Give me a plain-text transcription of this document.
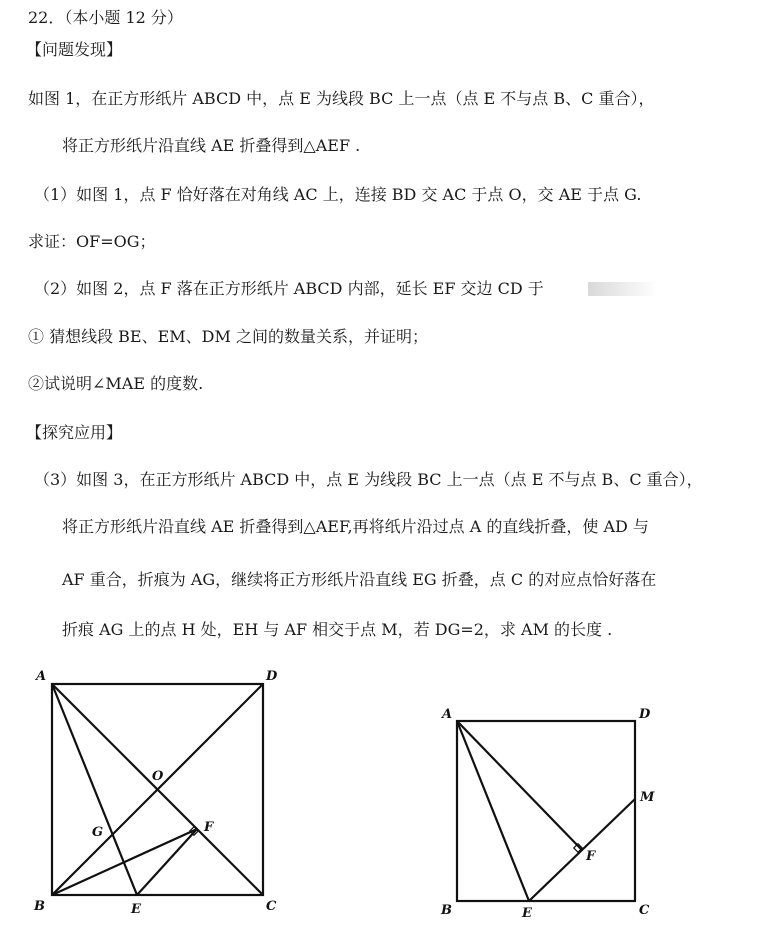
22．（本小题 12 分）
【问题发现】
如图 1，在正方形纸片 ABCD 中，点 E 为线段 BC 上一点（点 E 不与点 B、C 重合），
将正方形纸片沿直线 AE 折叠得到△AEF .
（1）如图 1，点 F 恰好落在对角线 AC 上，连接 BD 交 AC 于点 O，交 AE 于点 G.
求证：OF=OG；
（2）如图 2，点 F 落在正方形纸片 ABCD 内部，延长 EF 交边 CD 于
① 猜想线段 BE、EM、DM 之间的数量关系，并证明；
②试说明∠MAE 的度数.
【探究应用】
（3）如图 3，在正方形纸片 ABCD 中，点 E 为线段 BC 上一点（点 E 不与点 B、C 重合），
将正方形纸片沿直线 AE 折叠得到△AEF,再将纸片沿过点 A 的直线折叠，使 AD 与
AF 重合，折痕为 AG，继续将正方形纸片沿直线 EG 折叠，点 C 的对应点恰好落在
折痕 AG 上的点 H 处，EH 与 AF 相交于点 M，若 DG=2，求 AM 的长度 .
A	D
B	C
O
G	F
E
A	D
M
F
B	E	C
